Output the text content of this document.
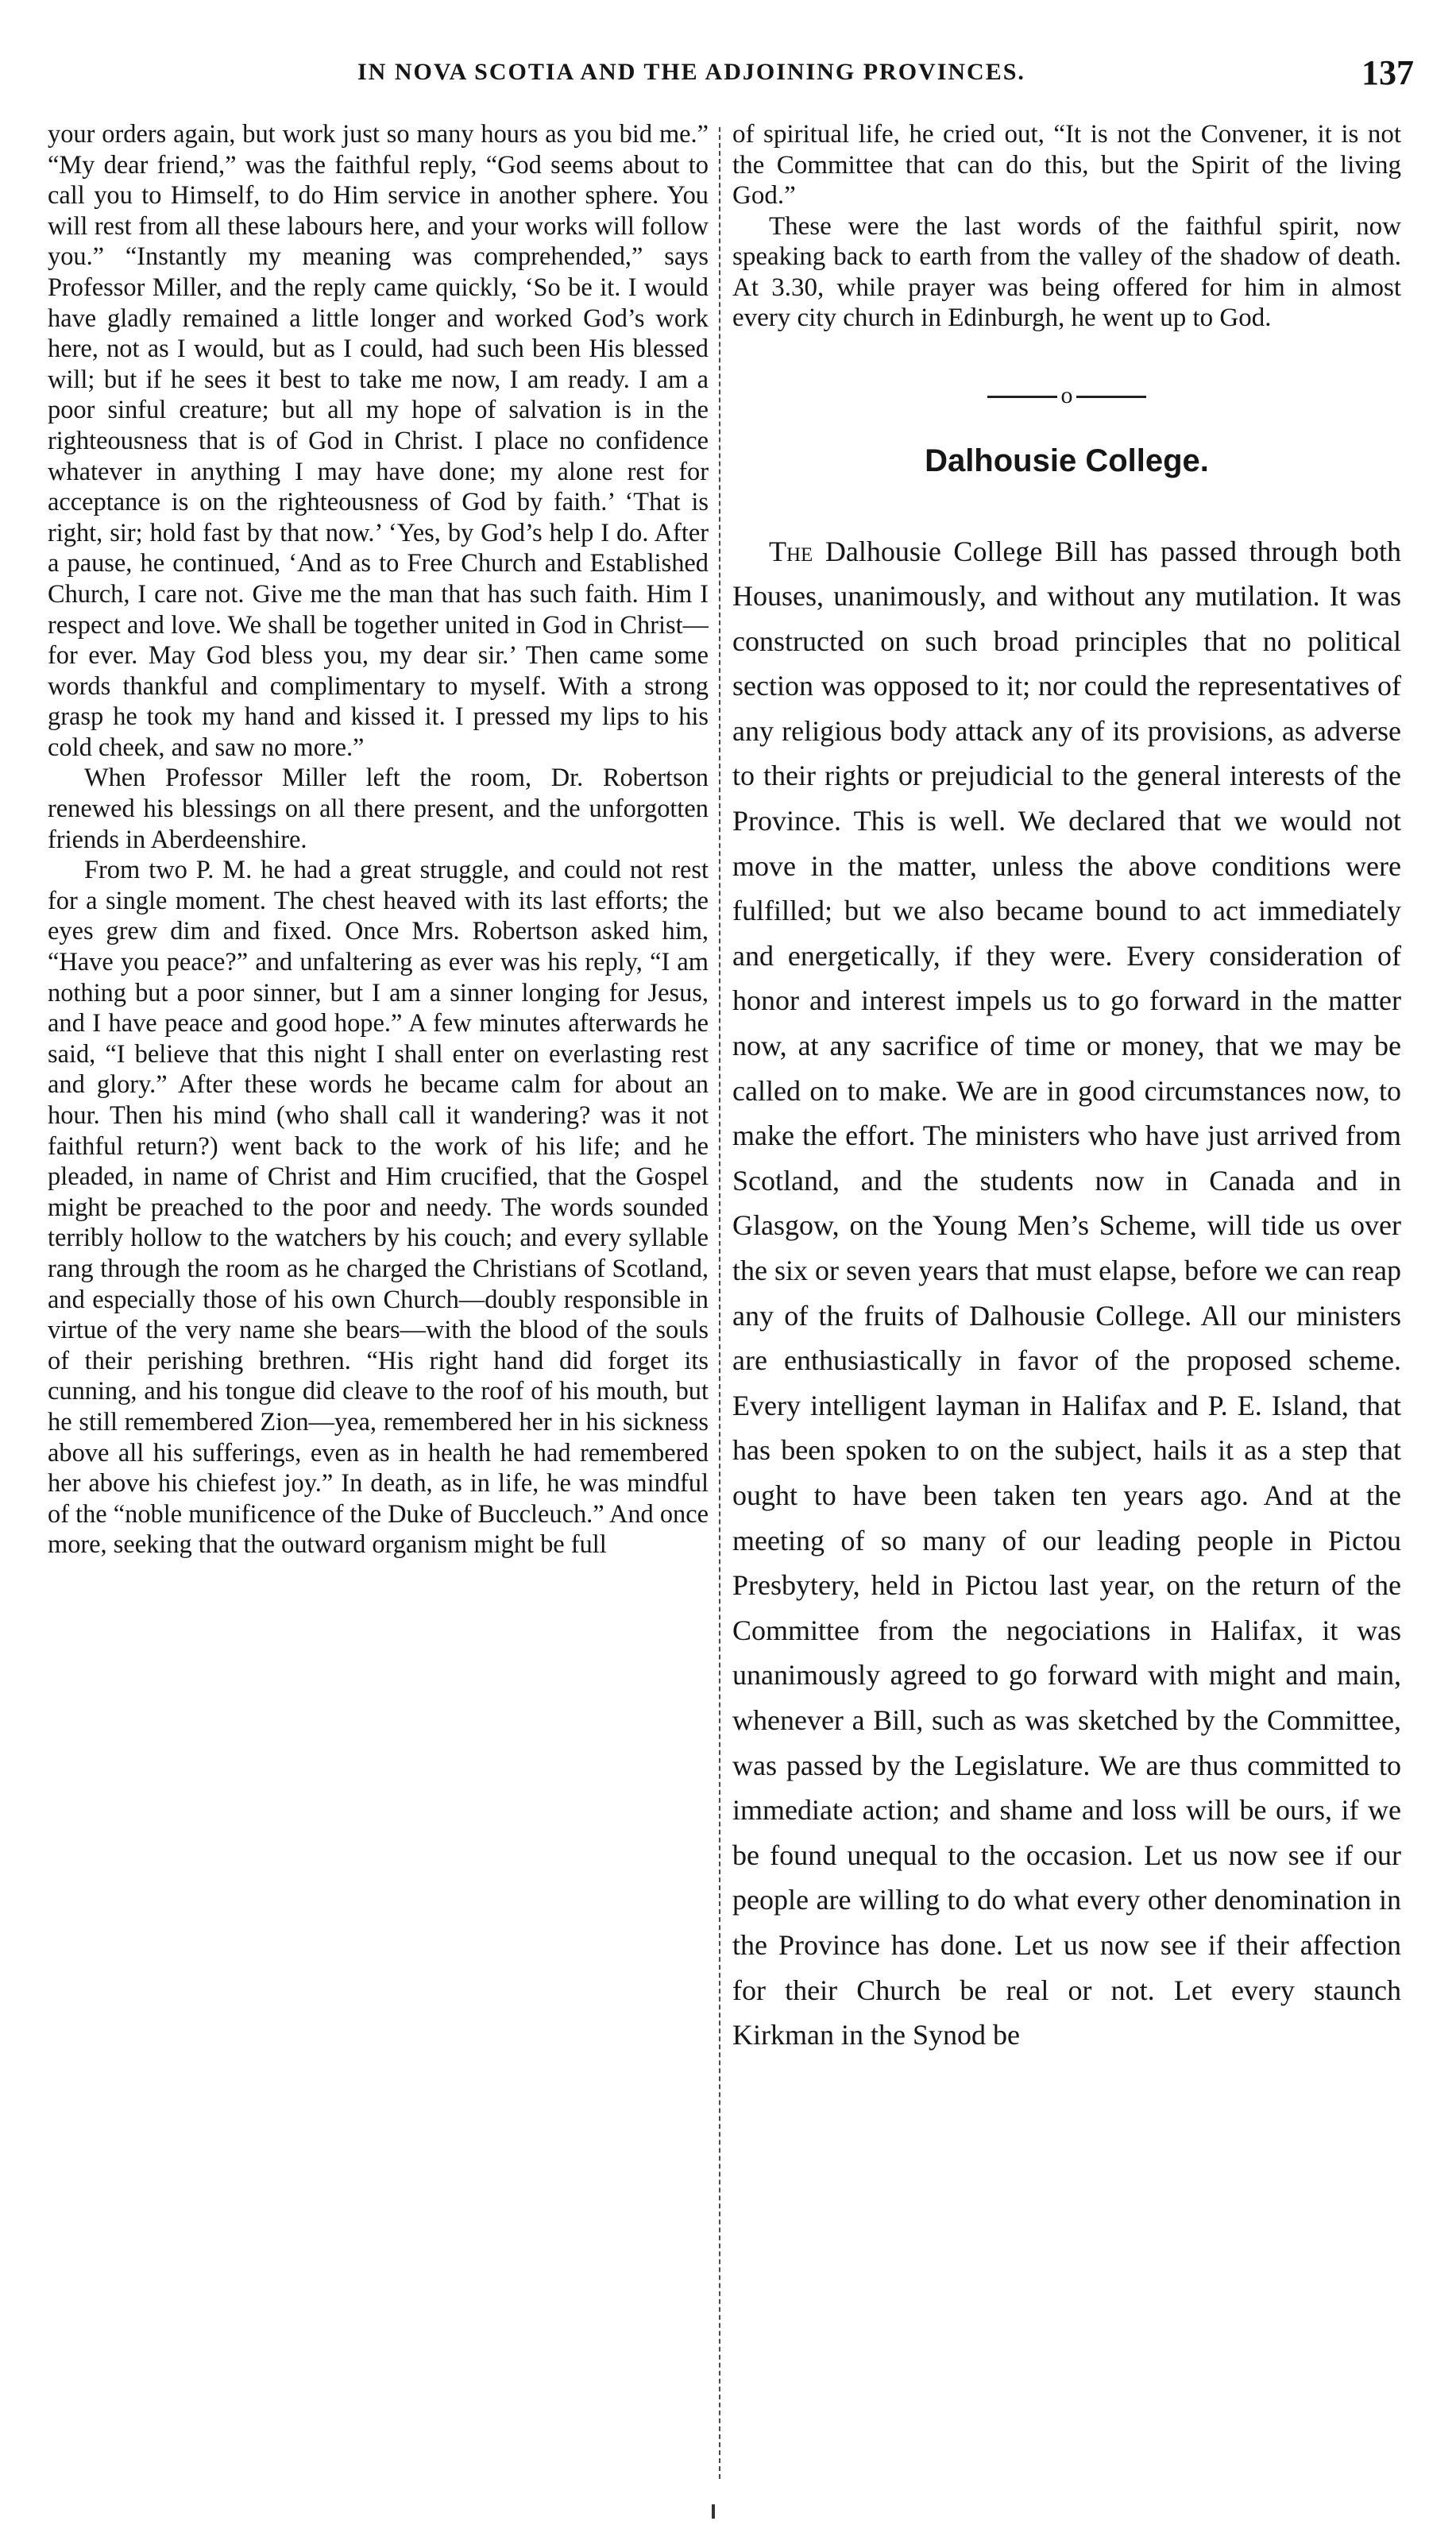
IN NOVA SCOTIA AND THE ADJOINING PROVINCES.	137

your orders again, but work just so many hours as you bid me.” “My dear friend,” was the faithful reply, “God seems about to call you to Himself, to do Him service in another sphere. You will rest from all these labours here, and your works will follow you.” “Instantly my meaning was comprehended,” says Professor Miller, and the reply came quickly, ‘So be it. I would have gladly remained a little longer and worked God’s work here, not as I would, but as I could, had such been His blessed will; but if he sees it best to take me now, I am ready. I am a poor sinful creature; but all my hope of salvation is in the righteousness that is of God in Christ. I place no confidence whatever in anything I may have done; my alone rest for acceptance is on the righteousness of God by faith.’ ‘That is right, sir; hold fast by that now.’ ‘Yes, by God’s help I do. After a pause, he continued, ‘And as to Free Church and Established Church, I care not. Give me the man that has such faith. Him I respect and love. We shall be together united in God in Christ—for ever. May God bless you, my dear sir.’ Then came some words thankful and complimentary to myself. With a strong grasp he took my hand and kissed it. I pressed my lips to his cold cheek, and saw no more.”

When Professor Miller left the room, Dr. Robertson renewed his blessings on all there present, and the unforgotten friends in Aberdeenshire.

From two P. M. he had a great struggle, and could not rest for a single moment. The chest heaved with its last efforts; the eyes grew dim and fixed. Once Mrs. Robertson asked him, “Have you peace?” and unfaltering as ever was his reply, “I am nothing but a poor sinner, but I am a sinner longing for Jesus, and I have peace and good hope.” A few minutes afterwards he said, “I believe that this night I shall enter on everlasting rest and glory.” After these words he became calm for about an hour. Then his mind (who shall call it wandering? was it not faithful return?) went back to the work of his life; and he pleaded, in name of Christ and Him crucified, that the Gospel might be preached to the poor and needy. The words sounded terribly hollow to the watchers by his couch; and every syllable rang through the room as he charged the Christians of Scotland, and especially those of his own Church—doubly responsible in virtue of the very name she bears—with the blood of the souls of their perishing brethren. “His right hand did forget its cunning, and his tongue did cleave to the roof of his mouth, but he still remembered Zion—yea, remembered her in his sickness above all his sufferings, even as in health he had remembered her above his chiefest joy.” In death, as in life, he was mindful of the “noble munificence of the Duke of Buccleuch.” And once more, seeking that the outward organism might be full

of spiritual life, he cried out, “It is not the Convener, it is not the Committee that can do this, but the Spirit of the living God.”

These were the last words of the faithful spirit, now speaking back to earth from the valley of the shadow of death. At 3.30, while prayer was being offered for him in almost every city church in Edinburgh, he went up to God.

o
Dalhousie College.

The Dalhousie College Bill has passed through both Houses, unanimously, and without any mutilation. It was constructed on such broad principles that no political section was opposed to it; nor could the representatives of any religious body attack any of its provisions, as adverse to their rights or prejudicial to the general interests of the Province. This is well. We declared that we would not move in the matter, unless the above conditions were fulfilled; but we also became bound to act immediately and energetically, if they were. Every consideration of honor and interest impels us to go forward in the matter now, at any sacrifice of time or money, that we may be called on to make. We are in good circumstances now, to make the effort. The ministers who have just arrived from Scotland, and the students now in Canada and in Glasgow, on the Young Men’s Scheme, will tide us over the six or seven years that must elapse, before we can reap any of the fruits of Dalhousie College. All our ministers are enthusiastically in favor of the proposed scheme. Every intelligent layman in Halifax and P. E. Island, that has been spoken to on the subject, hails it as a step that ought to have been taken ten years ago. And at the meeting of so many of our leading people in Pictou Presbytery, held in Pictou last year, on the return of the Committee from the negociations in Halifax, it was unanimously agreed to go forward with might and main, whenever a Bill, such as was sketched by the Committee, was passed by the Legislature. We are thus committed to immediate action; and shame and loss will be ours, if we be found unequal to the occasion. Let us now see if our people are willing to do what every other denomination in the Province has done. Let us now see if their affection for their Church be real or not. Let every staunch Kirkman in the Synod be
